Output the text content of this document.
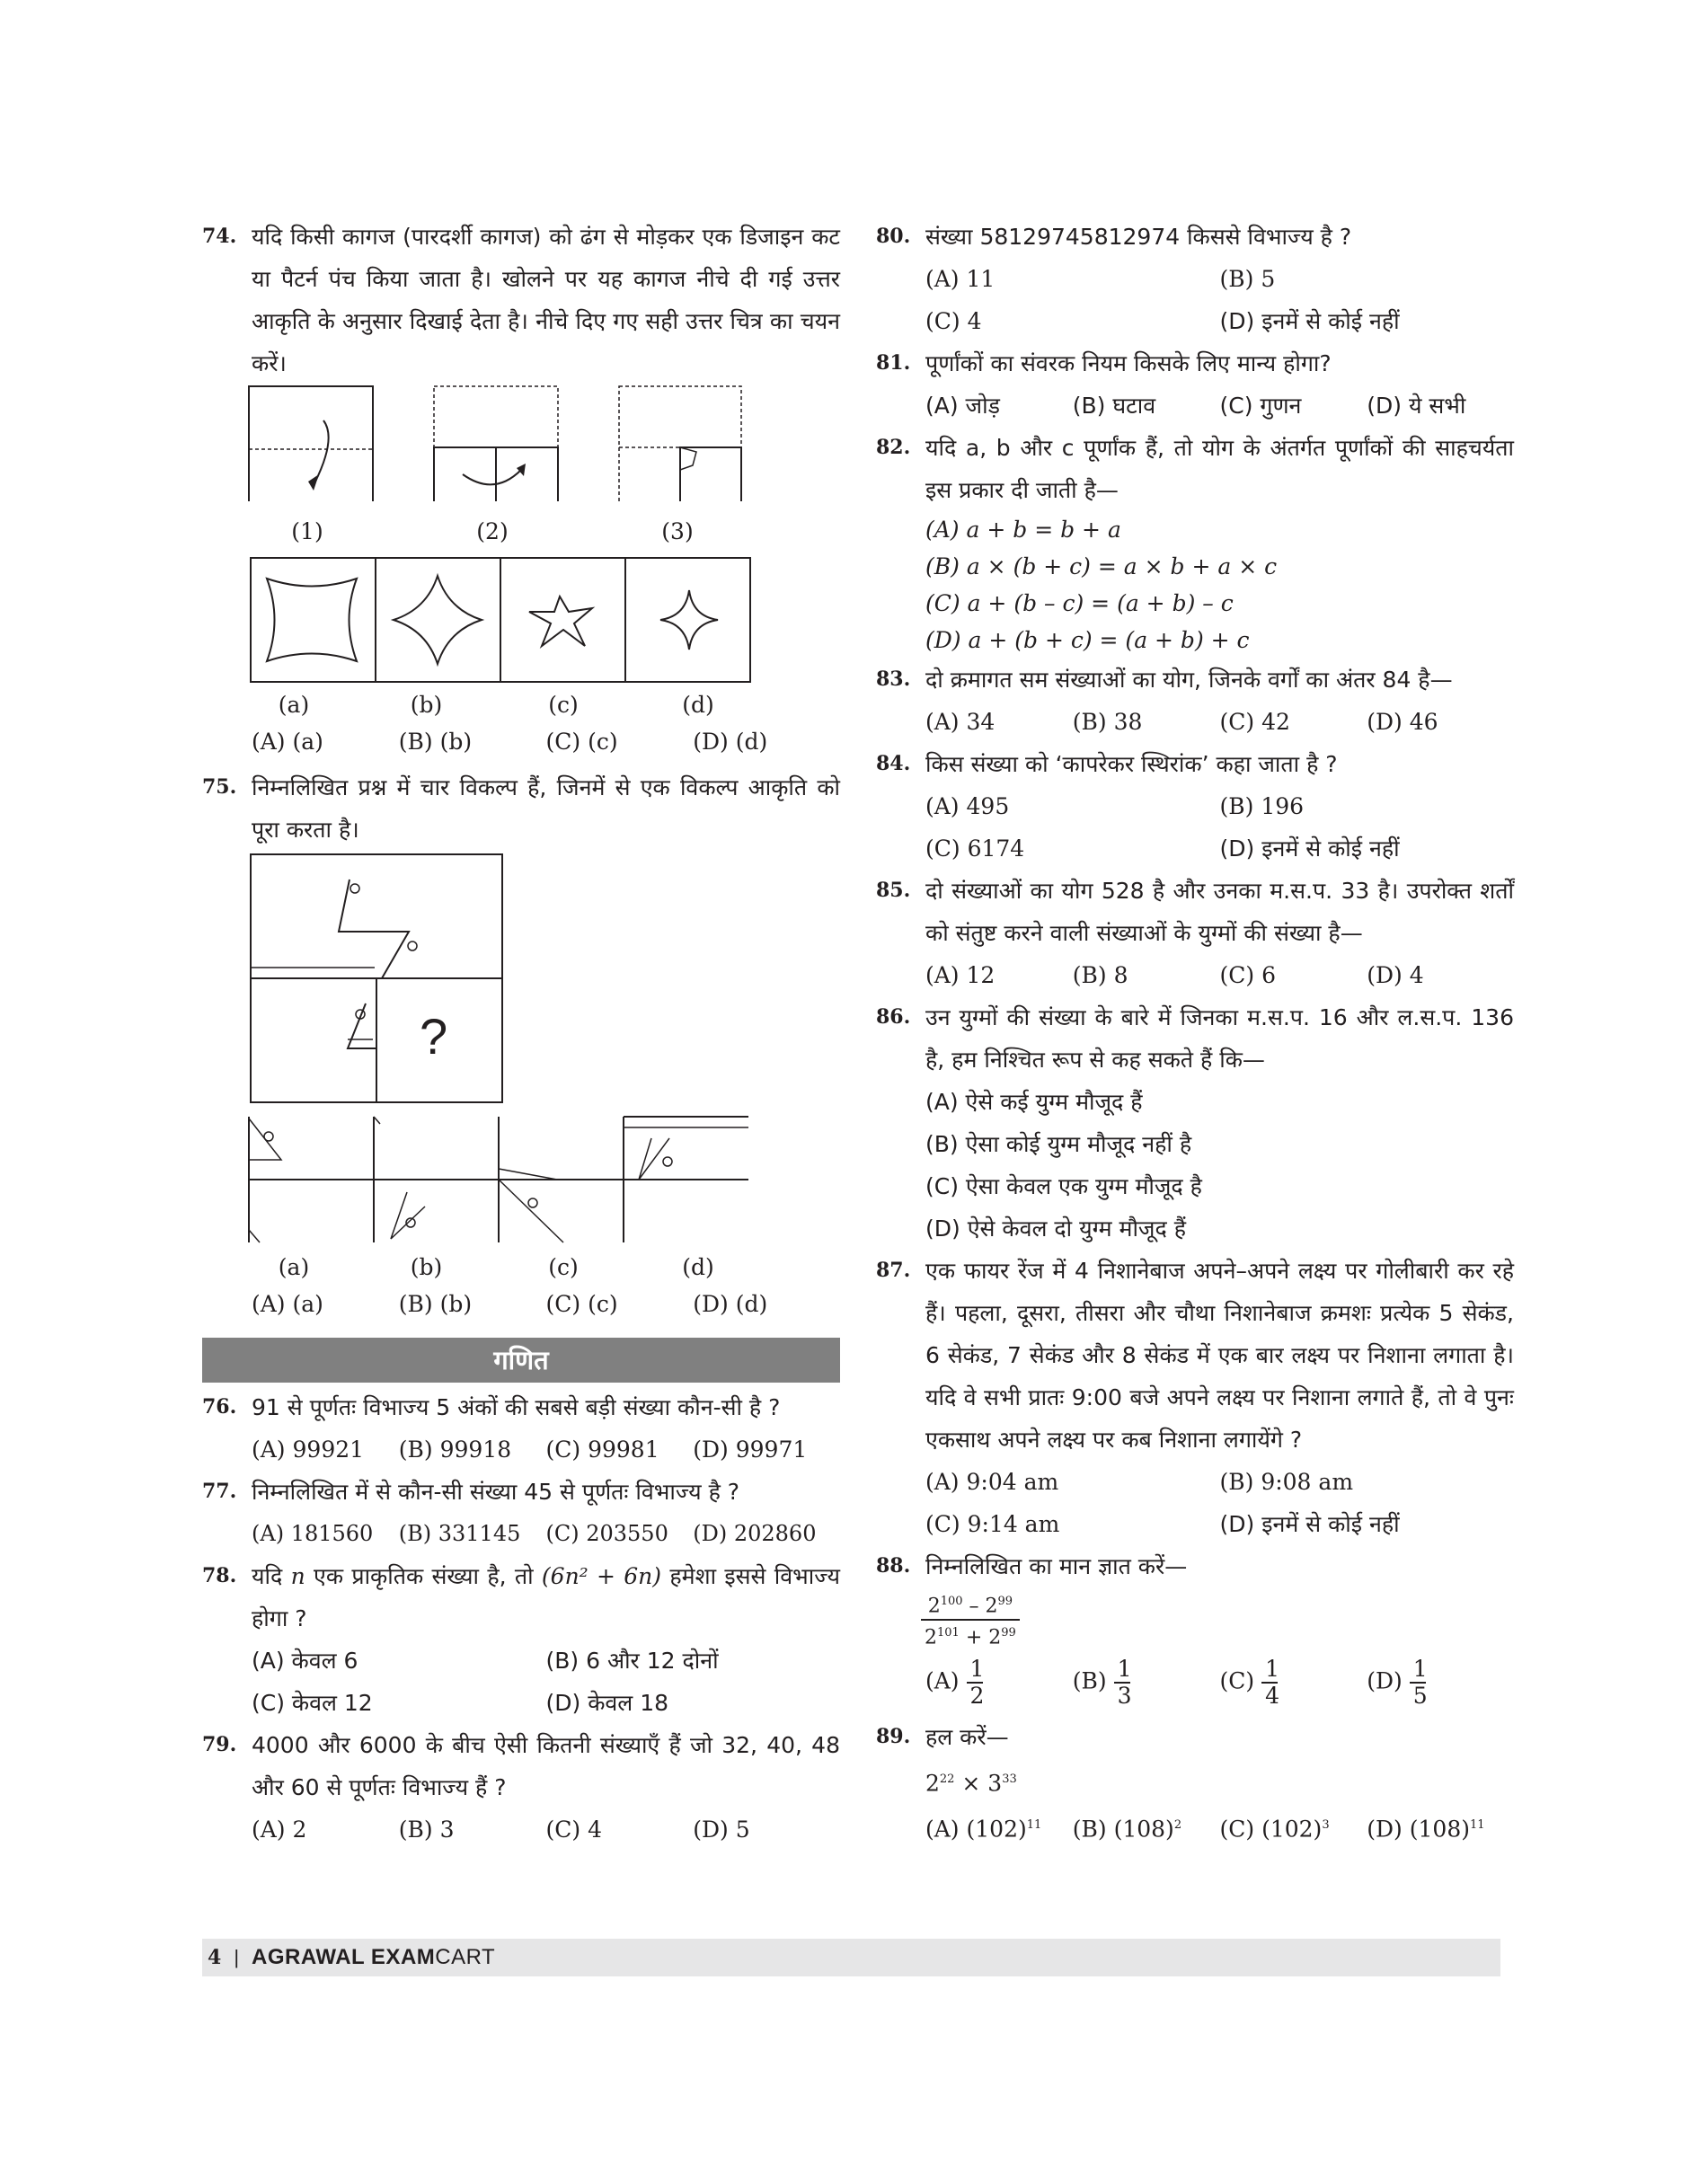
74. यदि किसी कागज (पारदर्शी कागज) को ढंग से मोड़कर एक डिजाइन कट या पैटर्न पंच किया जाता है। खोलने पर यह कागज नीचे दी गई उत्तर आकृति के अनुसार दिखाई देता है। नीचे दिए गए सही उत्तर चित्र का चयन करें।
(1)	(2)	(3)
(a)	(b)	(c)	(d)
(A) (a)	(B) (b)	(C) (c)	(D) (d)
75. निम्नलिखित प्रश्न में चार विकल्प हैं, जिनमें से एक विकल्प आकृति को पूरा करता है।
?
(a)	(b)	(c)	(d)
(A) (a)	(B) (b)	(C) (c)	(D) (d)
गणित
76. 91 से पूर्णतः विभाज्य 5 अंकों की सबसे बड़ी संख्या कौन-सी है ?
(A) 99921	(B) 99918	(C) 99981	(D) 99971
77. निम्नलिखित में से कौन-सी संख्या 45 से पूर्णतः विभाज्य है ?
(A) 181560	(B) 331145	(C) 203550	(D) 202860
78. यदि n एक प्राकृतिक संख्या है, तो (6n² + 6n) हमेशा इससे विभाज्य होगा ?
(A) केवल 6	(B) 6 और 12 दोनों
(C) केवल 12	(D) केवल 18
79. 4000 और 6000 के बीच ऐसी कितनी संख्याएँ हैं जो 32, 40, 48 और 60 से पूर्णतः विभाज्य हैं ?
(A) 2	(B) 3	(C) 4	(D) 5
80. संख्या 58129745812974 किससे विभाज्य है ?
(A) 11	(B) 5
(C) 4	(D) इनमें से कोई नहीं
81. पूर्णांकों का संवरक नियम किसके लिए मान्य होगा?
(A) जोड़	(B) घटाव	(C) गुणन	(D) ये सभी
82. यदि a, b और c पूर्णांक हैं, तो योग के अंतर्गत पूर्णांकों की साहचर्यता इस प्रकार दी जाती है—
(A) a + b = b + a
(B) a × (b + c) = a × b + a × c
(C) a + (b – c) = (a + b) – c
(D) a + (b + c) = (a + b) + c
83. दो क्रमागत सम संख्याओं का योग, जिनके वर्गों का अंतर 84 है—
(A) 34	(B) 38	(C) 42	(D) 46
84. किस संख्या को ‘कापरेकर स्थिरांक’ कहा जाता है ?
(A) 495	(B) 196
(C) 6174	(D) इनमें से कोई नहीं
85. दो संख्याओं का योग 528 है और उनका म.स.प. 33 है। उपरोक्त शर्तों को संतुष्ट करने वाली संख्याओं के युग्मों की संख्या है—
(A) 12	(B) 8	(C) 6	(D) 4
86. उन युग्मों की संख्या के बारे में जिनका म.स.प. 16 और ल.स.प. 136 है, हम निश्चित रूप से कह सकते हैं कि—
(A) ऐसे कई युग्म मौजूद हैं
(B) ऐसा कोई युग्म मौजूद नहीं है
(C) ऐसा केवल एक युग्म मौजूद है
(D) ऐसे केवल दो युग्म मौजूद हैं
87. एक फायर रेंज में 4 निशानेबाज अपने–अपने लक्ष्य पर गोलीबारी कर रहे हैं। पहला, दूसरा, तीसरा और चौथा निशानेबाज क्रमशः प्रत्येक 5 सेकंड, 6 सेकंड, 7 सेकंड और 8 सेकंड में एक बार लक्ष्य पर निशाना लगाता है। यदि वे सभी प्रातः 9:00 बजे अपने लक्ष्य पर निशाना लगाते हैं, तो वे पुनः एकसाथ अपने लक्ष्य पर कब निशाना लगायेंगे ?
(A) 9:04 am	(B) 9:08 am
(C) 9:14 am	(D) इनमें से कोई नहीं
88. निम्नलिखित का मान ज्ञात करें—
$\frac{2^{100} - 2^{99}}{2^{101} + 2^{99}}$
$(A) \frac{1}{2}$	$(B) \frac{1}{3}$	$(C) \frac{1}{4}$	$(D) \frac{1}{5}$
89. हल करें—
$2^{22} \times 3^{33}$
(A) $(102)^{11}$	(B) $(108)^2$	(C) $(102)^3$	(D) $(108)^{11}$
4 | AGRAWAL EXAM CART
